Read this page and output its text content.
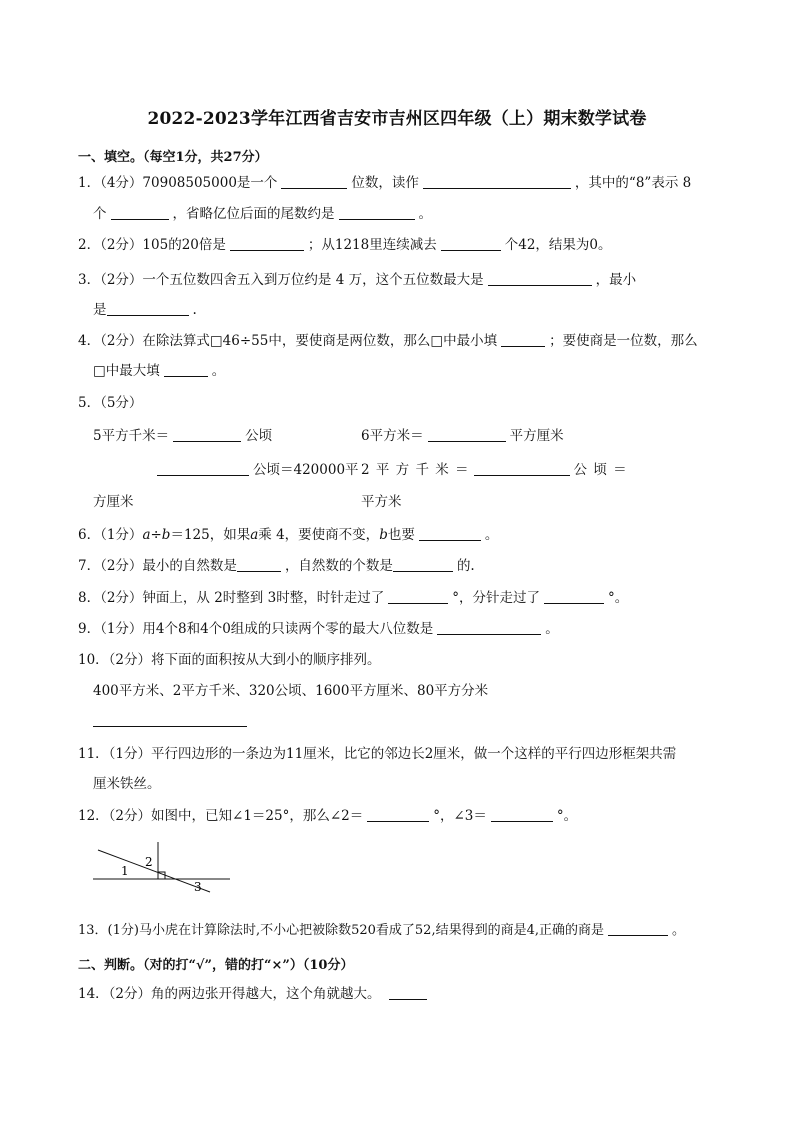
2022-2023学年江西省吉安市吉州区四年级（上）期末数学试卷
一、填空。（每空1分，共27分）
1．（4分）70908505000是一个	位数，读作	，其中的“8”表示 8
个	，省略亿位后面的尾数约是	。
2．（2分）105的20倍是	；从1218里连续减去	个42，结果为0。
3．（2分）一个五位数四舍五入到万位约是 4 万，这个五位数最大是	，最小
是	.
4．（2分）在除法算式□46÷55中，要使商是两位数，那么□中最小填	；要使商是一位数，那么
□中最大填	。
5．（5分）
5平方千米＝	公顷	6平方米＝	平方厘米
公顷＝420000平 2 平 方 千 米 ＝	公 顷 ＝
方厘米	平方米
6．（1分）a÷b＝125，如果a乘 4，要使商不变，b也要	。
7．（2分）最小的自然数是	，自然数的个数是	的.
8．（2分）钟面上，从 2时整到 3时整，时针走过了	°，分针走过了	°。
9．（1分）用4个8和4个0组成的只读两个零的最大八位数是	。
10．（2分）将下面的面积按从大到小的顺序排列。
400平方米、2平方千米、320公顷、1600平方厘米、80平方分米
11．（1分）平行四边形的一条边为11厘米，比它的邻边长2厘米，做一个这样的平行四边形框架共需
厘米铁丝。
12．（2分）如图中，已知∠1＝25°，那么∠2＝	°，∠3＝	°。
1
2
3
13．(1分)马小虎在计算除法时,不小心把被除数520看成了52,结果得到的商是4,正确的商是	。
二、判断。（对的打“√”，错的打“×”）（10分）
14．（2分）角的两边张开得越大，这个角就越大。
